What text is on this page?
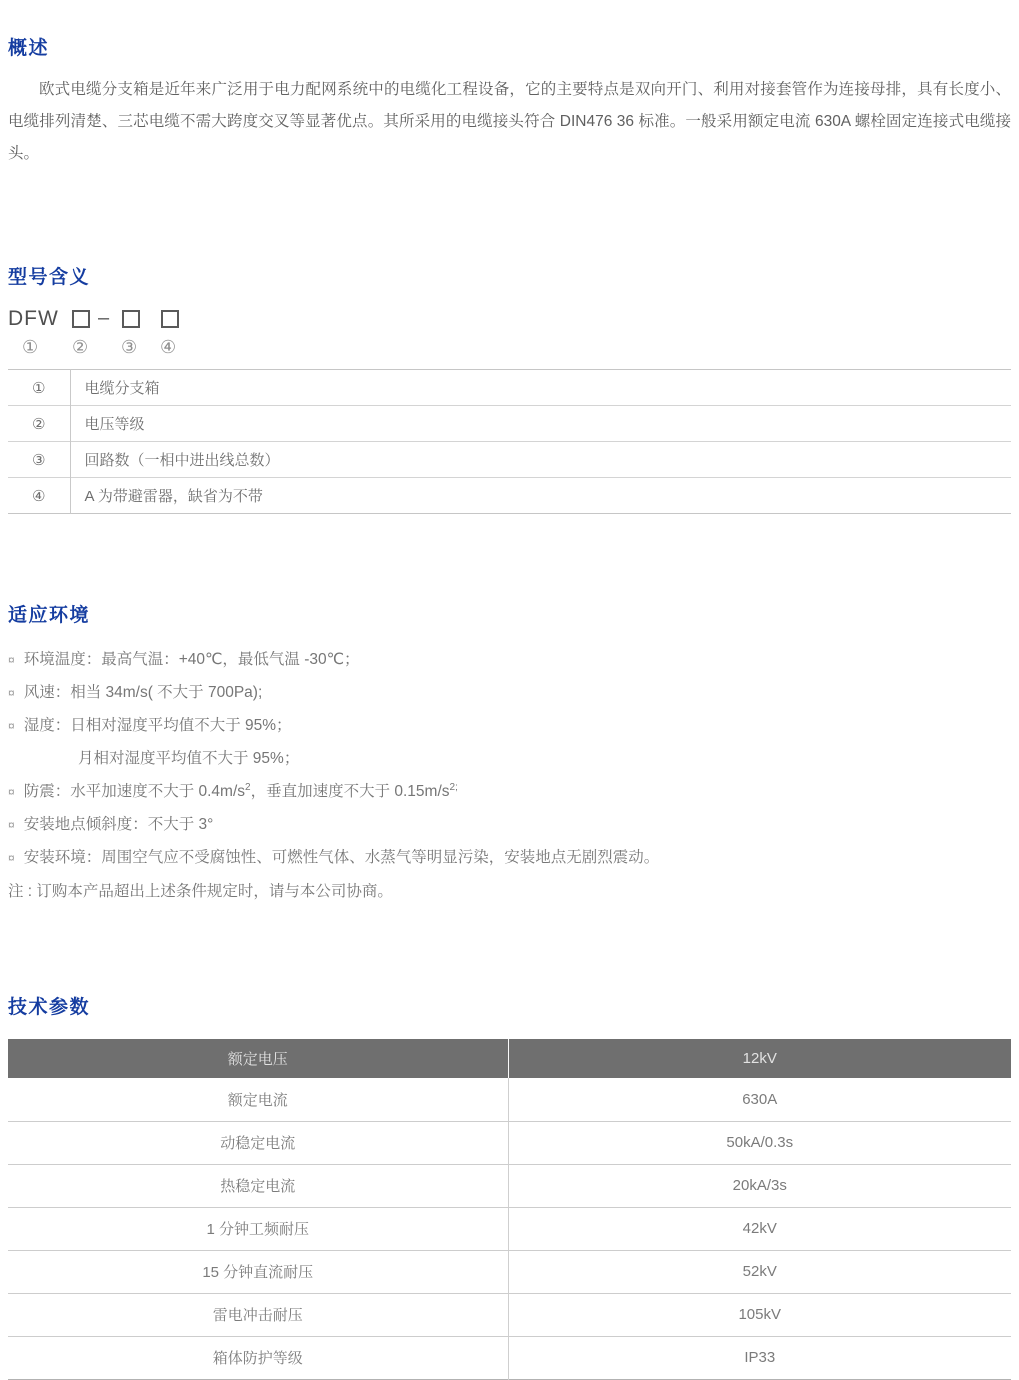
概述

欧式电缆分支箱是近年来广泛用于电力配网系统中的电缆化工程设备，它的主要特点是双向开门、利用对接套管作为连接母排，具有长度小、电缆排列清楚、三芯电缆不需大跨度交叉等显著优点。其所采用的电缆接头符合 DIN476 36 标准。一般采用额定电流 630A 螺栓固定连接式电缆接头。

型号含义
DFW –
① ② ③ ④
①	电缆分支箱
②	电压等级
③	回路数（一相中进出线总数）
④	A 为带避雷器，缺省为不带
适应环境
¤ 环境温度：最高气温：+40℃，最低气温 -30℃；
¤ 风速：相当 34m/s( 不大于 700Pa);
¤ 湿度：日相对湿度平均值不大于 95%；
月相对湿度平均值不大于 95%；
¤ 防震：水平加速度不大于 $0.4m/s^2$，垂直加速度不大于 $0.15m/s^{2;}$
¤ 安装地点倾斜度：不大于 3°
¤ 安装环境：周围空气应不受腐蚀性、可燃性气体、水蒸气等明显污染，安装地点无剧烈震动。
注 : 订购本产品超出上述条件规定时，请与本公司协商。
技术参数
额定电压	12kV
额定电流	630A
动稳定电流	50kA/0.3s
热稳定电流	20kA/3s
1 分钟工频耐压	42kV
15 分钟直流耐压	52kV
雷电冲击耐压	105kV
箱体防护等级	IP33
